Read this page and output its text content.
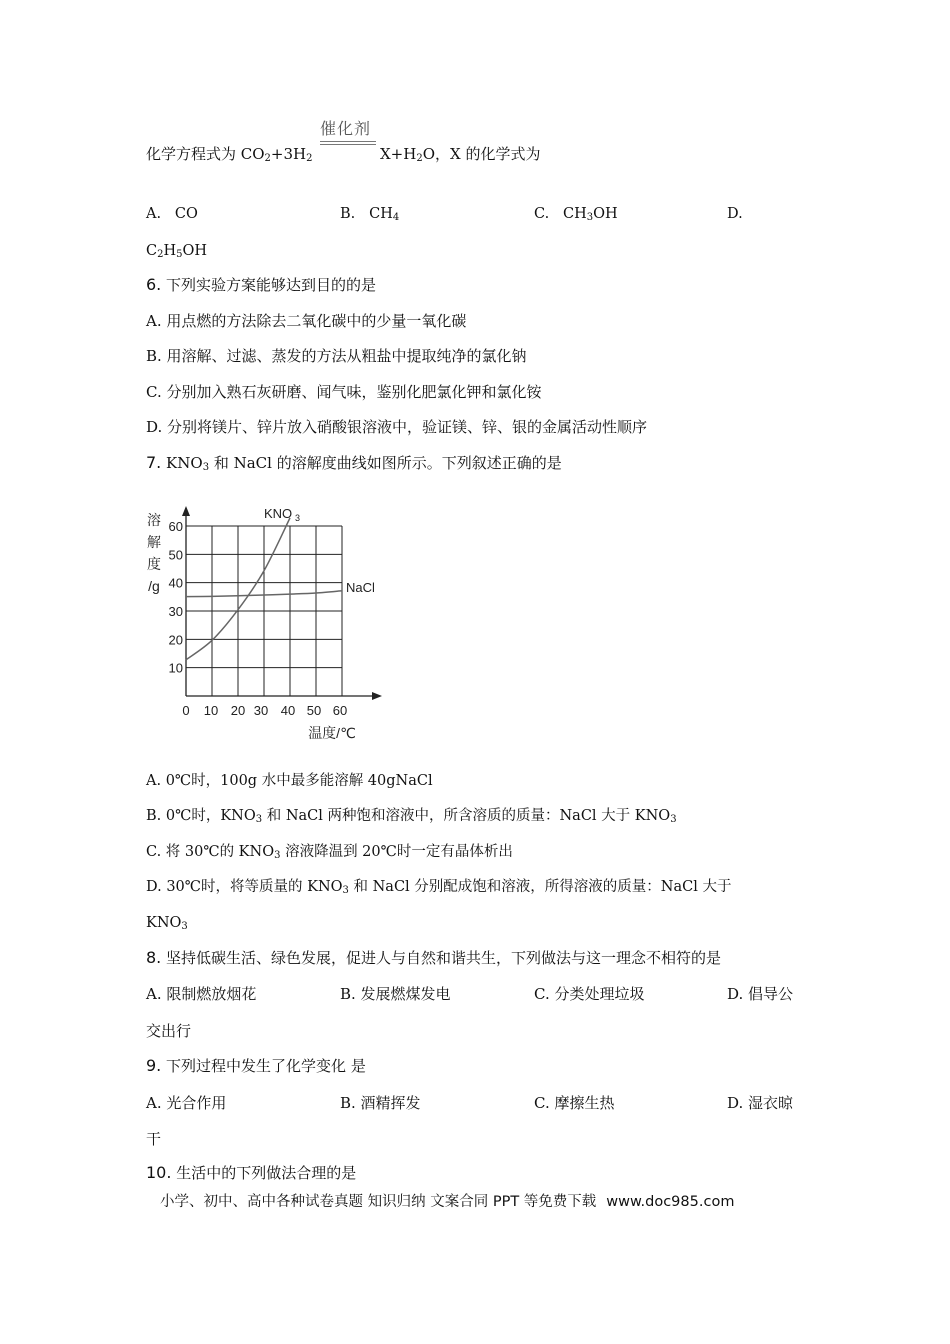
催化剂
化学方程式为 $CO_2+3H_2$	$X+H_2O$，X 的化学式为
A. CO	B. $CH_4$	C. $CH_3OH$	D.
$C_2H_5OH$
6. 下列实验方案能够达到目的的是
A. 用点燃的方法除去二氧化碳中的少量一氧化碳
B. 用溶解、过滤、蒸发的方法从粗盐中提取纯净的氯化钠
C. 分别加入熟石灰研磨、闻气味，鉴别化肥氯化钾和氯化铵
D. 分别将镁片、锌片放入硝酸银溶液中，验证镁、锌、银的金属活动性顺序
7. $KNO_3$ 和 NaCl 的溶解度曲线如图所示。下列叙述正确的是
10
20
30
40
50
60
0 10 20 30 40 50 60
溶
解
度
/g
温度/℃
KNO 3
NaCl
A. 0℃时，100g 水中最多能溶解 40gNaCl
B. 0℃时，$KNO_3$ 和 NaCl 两种饱和溶液中，所含溶质的质量：NaCl 大于 $KNO_3$
C. 将 30℃的 $KNO_3$ 溶液降温到 20℃时一定有晶体析出
D. 30℃时，将等质量的 $KNO_3$ 和 NaCl 分别配成饱和溶液，所得溶液的质量：NaCl 大于
$KNO_3$
8. 坚持低碳生活、绿色发展，促进人与自然和谐共生，下列做法与这一理念不相符的是
A. 限制燃放烟花	B. 发展燃煤发电	C. 分类处理垃圾	D. 倡导公
交出行
9. 下列过程中发生了化学变化 是
A. 光合作用	B. 酒精挥发	C. 摩擦生热	D. 湿衣晾
干
10. 生活中的下列做法合理的是
小学、初中、高中各种试卷真题 知识归纳 文案合同 PPT 等免费下载 www.doc985.com
